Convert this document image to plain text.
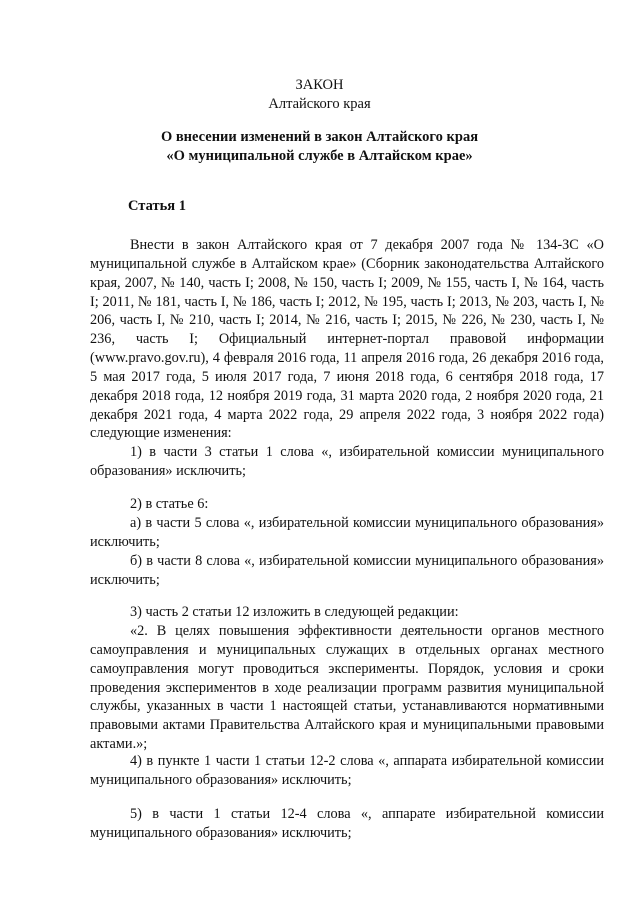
ЗАКОН
Алтайского края
О внесении изменений в закон Алтайского края
«О муниципальной службе в Алтайском крае»
Статья 1

Внести в закон Алтайского края от 7 декабря 2007 года № 134-ЗС «О муниципальной службе в Алтайском крае» (Сборник законодательства Алтайского края, 2007, № 140, часть I; 2008, № 150, часть I; 2009, № 155, часть I, № 164, часть I; 2011, № 181, часть I, № 186, часть I; 2012, № 195, часть I; 2013, № 203, часть I, № 206, часть I, № 210, часть I; 2014, № 216, часть I; 2015, № 226, № 230, часть I, № 236, часть I; Официальный интернет-портал правовой информации (www.pravo.gov.ru), 4 февраля 2016 года, 11 апреля 2016 года, 26 декабря 2016 года, 5 мая 2017 года, 5 июля 2017 года, 7 июня 2018 года, 6 сентября 2018 года, 17 декабря 2018 года, 12 ноября 2019 года, 31 марта 2020 года, 2 ноября 2020 года, 21 декабря 2021 года, 4 марта 2022 года, 29 апреля 2022 года, 3 ноября 2022 года) следующие изменения:

1) в части 3 статьи 1 слова «, избирательной комиссии муниципального образования» исключить;

2) в статье 6:

а) в части 5 слова «, избирательной комиссии муниципального образования» исключить;

б) в части 8 слова «, избирательной комиссии муниципального образования» исключить;

3) часть 2 статьи 12 изложить в следующей редакции:

«2. В целях повышения эффективности деятельности органов местного самоуправления и муниципальных служащих в отдельных органах местного самоуправления могут проводиться эксперименты. Порядок, условия и сроки проведения экспериментов в ходе реализации программ развития муниципальной службы, указанных в части 1 настоящей статьи, устанавливаются нормативными правовыми актами Правительства Алтайского края и муниципальными правовыми актами.»;

4) в пункте 1 части 1 статьи 12-2 слова «, аппарата избирательной комиссии муниципального образования» исключить;

5) в части 1 статьи 12-4 слова «, аппарате избирательной комиссии муниципального образования» исключить;
